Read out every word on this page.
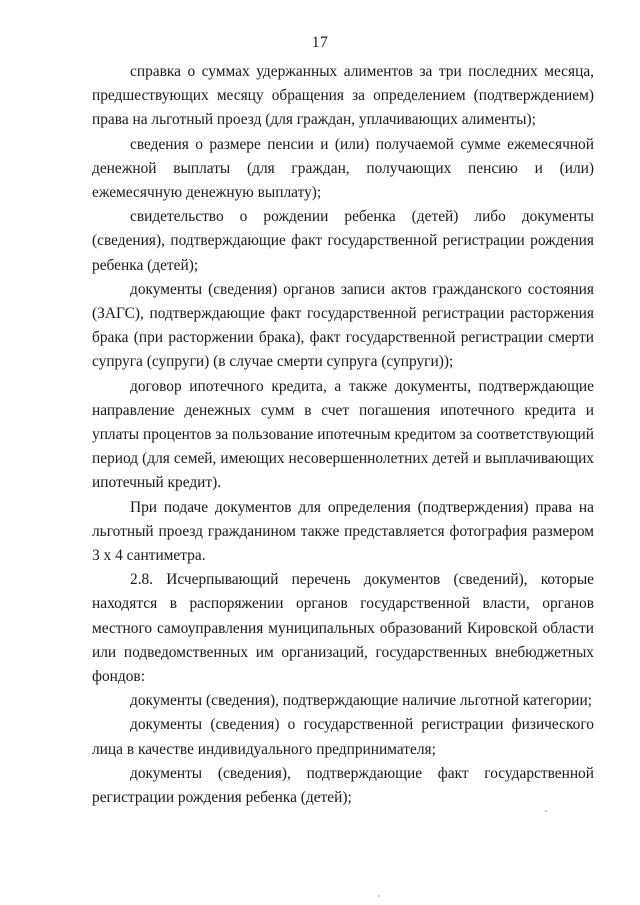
17

справка о суммах удержанных алиментов за три последних месяца, предшествующих месяцу обращения за определением (подтверждением) права на льготный проезд (для граждан, уплачивающих алименты);

сведения о размере пенсии и (или) получаемой сумме ежемесячной денежной выплаты (для граждан, получающих пенсию и (или) ежемесячную денежную выплату);

свидетельство о рождении ребенка (детей) либо документы (сведения), подтверждающие факт государственной регистрации рождения ребенка (детей);

документы (сведения) органов записи актов гражданского состояния (ЗАГС), подтверждающие факт государственной регистрации расторжения брака (при расторжении брака), факт государственной регистрации смерти супруга (супруги) (в случае смерти супруга (супруги));

договор ипотечного кредита, а также документы, подтверждающие направление денежных сумм в счет погашения ипотечного кредита и уплаты процентов за пользование ипотечным кредитом за соответствующий период (для семей, имеющих несовершеннолетних детей и выплачивающих ипотечный кредит).

При подаче документов для определения (подтверждения) права на льготный проезд гражданином также представляется фотография размером 3 х 4 сантиметра.

2.8. Исчерпывающий перечень документов (сведений), которые находятся в распоряжении органов государственной власти, органов местного самоуправления муниципальных образований Кировской области или подведомственных им организаций, государственных внебюджетных фондов:

документы (сведения), подтверждающие наличие льготной категории;

документы (сведения) о государственной регистрации физического лица в качестве индивидуального предпринимателя;

документы (сведения), подтверждающие факт государственной регистрации рождения ребенка (детей);
